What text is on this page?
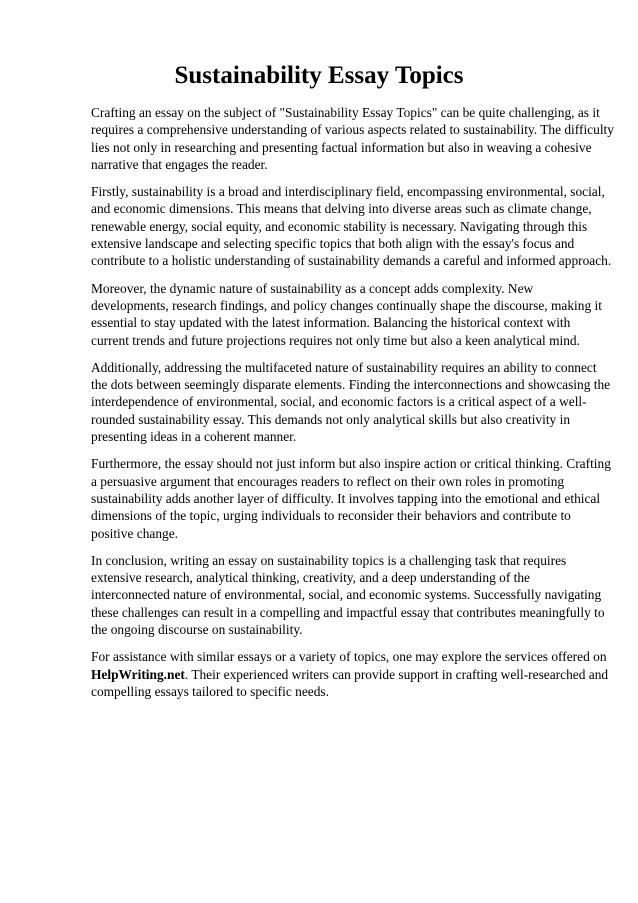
Sustainability Essay Topics

Crafting an essay on the subject of "Sustainability Essay Topics" can be quite challenging, as it
requires a comprehensive understanding of various aspects related to sustainability. The difficulty
lies not only in researching and presenting factual information but also in weaving a cohesive
narrative that engages the reader.

Firstly, sustainability is a broad and interdisciplinary field, encompassing environmental, social,
and economic dimensions. This means that delving into diverse areas such as climate change,
renewable energy, social equity, and economic stability is necessary. Navigating through this
extensive landscape and selecting specific topics that both align with the essay's focus and
contribute to a holistic understanding of sustainability demands a careful and informed approach.

Moreover, the dynamic nature of sustainability as a concept adds complexity. New
developments, research findings, and policy changes continually shape the discourse, making it
essential to stay updated with the latest information. Balancing the historical context with
current trends and future projections requires not only time but also a keen analytical mind.

Additionally, addressing the multifaceted nature of sustainability requires an ability to connect
the dots between seemingly disparate elements. Finding the interconnections and showcasing the
interdependence of environmental, social, and economic factors is a critical aspect of a well-
rounded sustainability essay. This demands not only analytical skills but also creativity in
presenting ideas in a coherent manner.

Furthermore, the essay should not just inform but also inspire action or critical thinking. Crafting
a persuasive argument that encourages readers to reflect on their own roles in promoting
sustainability adds another layer of difficulty. It involves tapping into the emotional and ethical
dimensions of the topic, urging individuals to reconsider their behaviors and contribute to
positive change.

In conclusion, writing an essay on sustainability topics is a challenging task that requires
extensive research, analytical thinking, creativity, and a deep understanding of the
interconnected nature of environmental, social, and economic systems. Successfully navigating
these challenges can result in a compelling and impactful essay that contributes meaningfully to
the ongoing discourse on sustainability.

For assistance with similar essays or a variety of topics, one may explore the services offered on
HelpWriting.net. Their experienced writers can provide support in crafting well-researched and
compelling essays tailored to specific needs.
